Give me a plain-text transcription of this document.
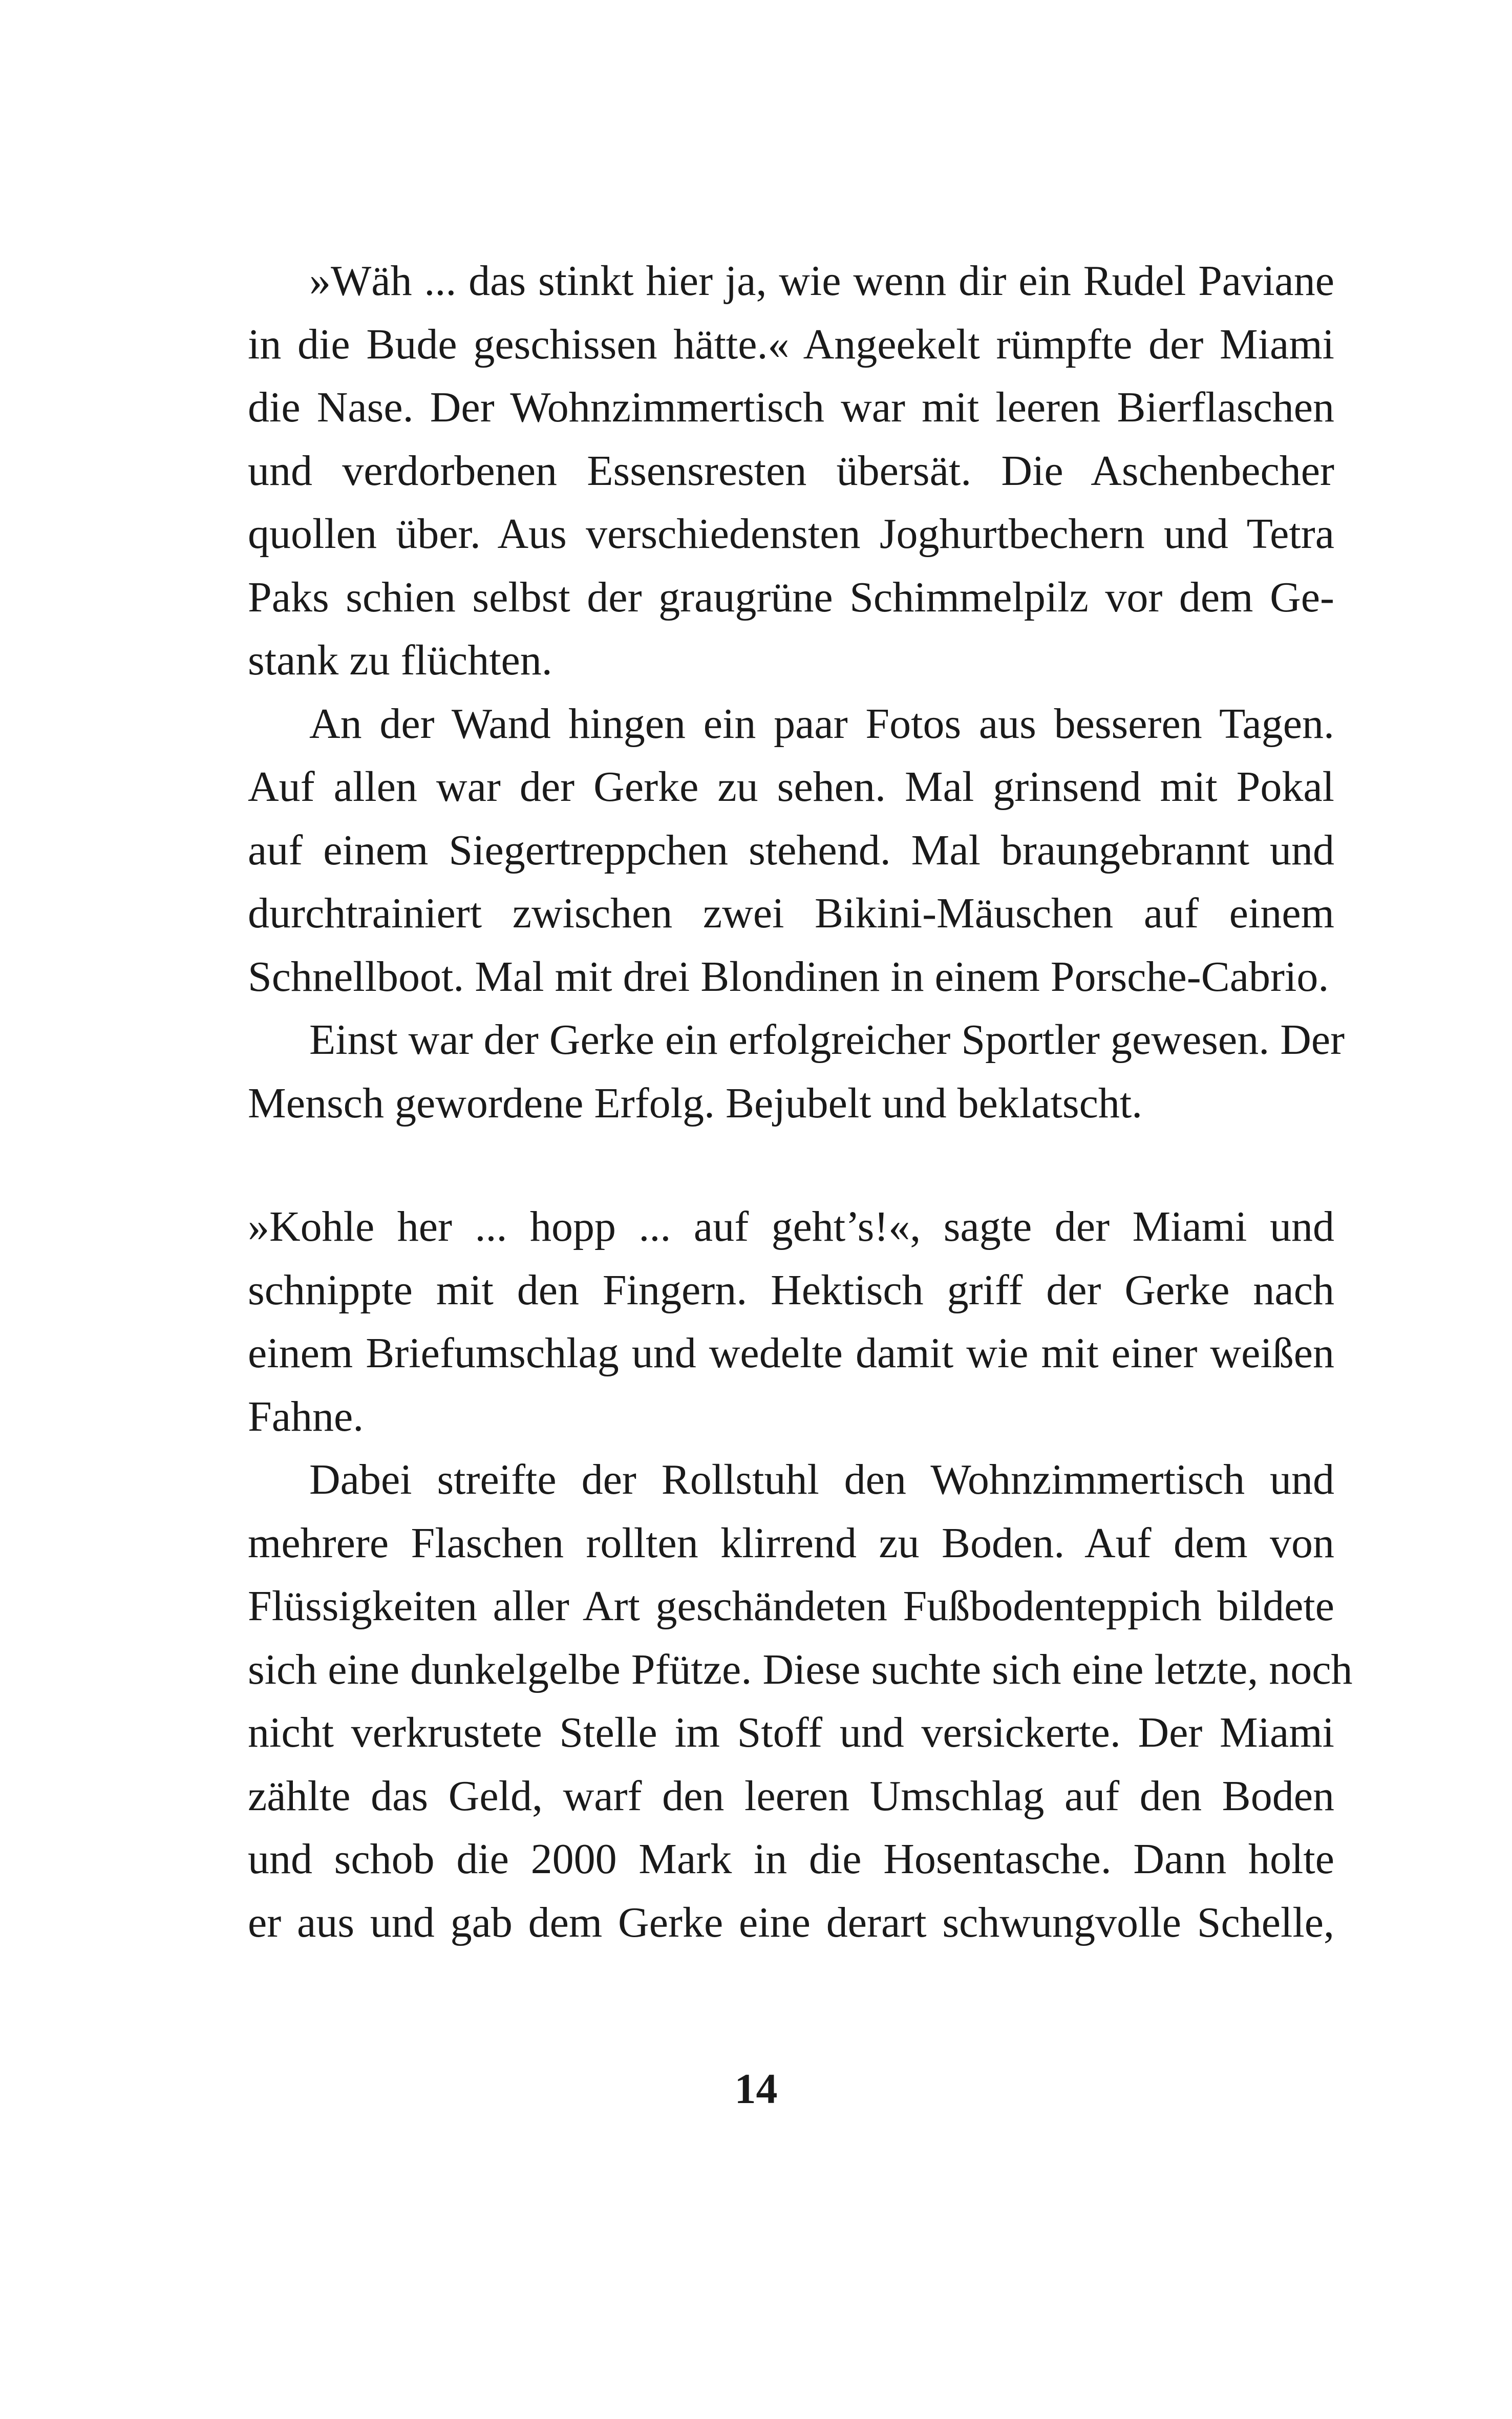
»Wäh ... das stinkt hier ja, wie wenn dir ein Rudel Paviane
in die Bude geschissen hätte.« Angeekelt rümpfte der Miami
die Nase. Der Wohnzimmertisch war mit leeren Bierflaschen
und verdorbenen Essensresten übersät. Die Aschenbecher
quollen über. Aus verschiedensten Joghurtbechern und Tetra
Paks schien selbst der graugrüne Schimmelpilz vor dem Ge-
stank zu flüchten.
An der Wand hingen ein paar Fotos aus besseren Tagen.
Auf allen war der Gerke zu sehen. Mal grinsend mit Pokal
auf einem Siegertreppchen stehend. Mal braungebrannt und
durchtrainiert zwischen zwei Bikini-Mäuschen auf einem
Schnellboot. Mal mit drei Blondinen in einem Porsche-Cabrio.
Einst war der Gerke ein erfolgreicher Sportler gewesen. Der
Mensch gewordene Erfolg. Bejubelt und beklatscht.
»Kohle her ... hopp ... auf geht’s!«, sagte der Miami und
schnippte mit den Fingern. Hektisch griff der Gerke nach
einem Briefumschlag und wedelte damit wie mit einer weißen
Fahne.
Dabei streifte der Rollstuhl den Wohnzimmertisch und
mehrere Flaschen rollten klirrend zu Boden. Auf dem von
Flüssigkeiten aller Art geschändeten Fußbodenteppich bildete
sich eine dunkelgelbe Pfütze. Diese suchte sich eine letzte, noch
nicht verkrustete Stelle im Stoff und versickerte. Der Miami
zählte das Geld, warf den leeren Umschlag auf den Boden
und schob die 2000 Mark in die Hosentasche. Dann holte
er aus und gab dem Gerke eine derart schwungvolle Schelle,
14
